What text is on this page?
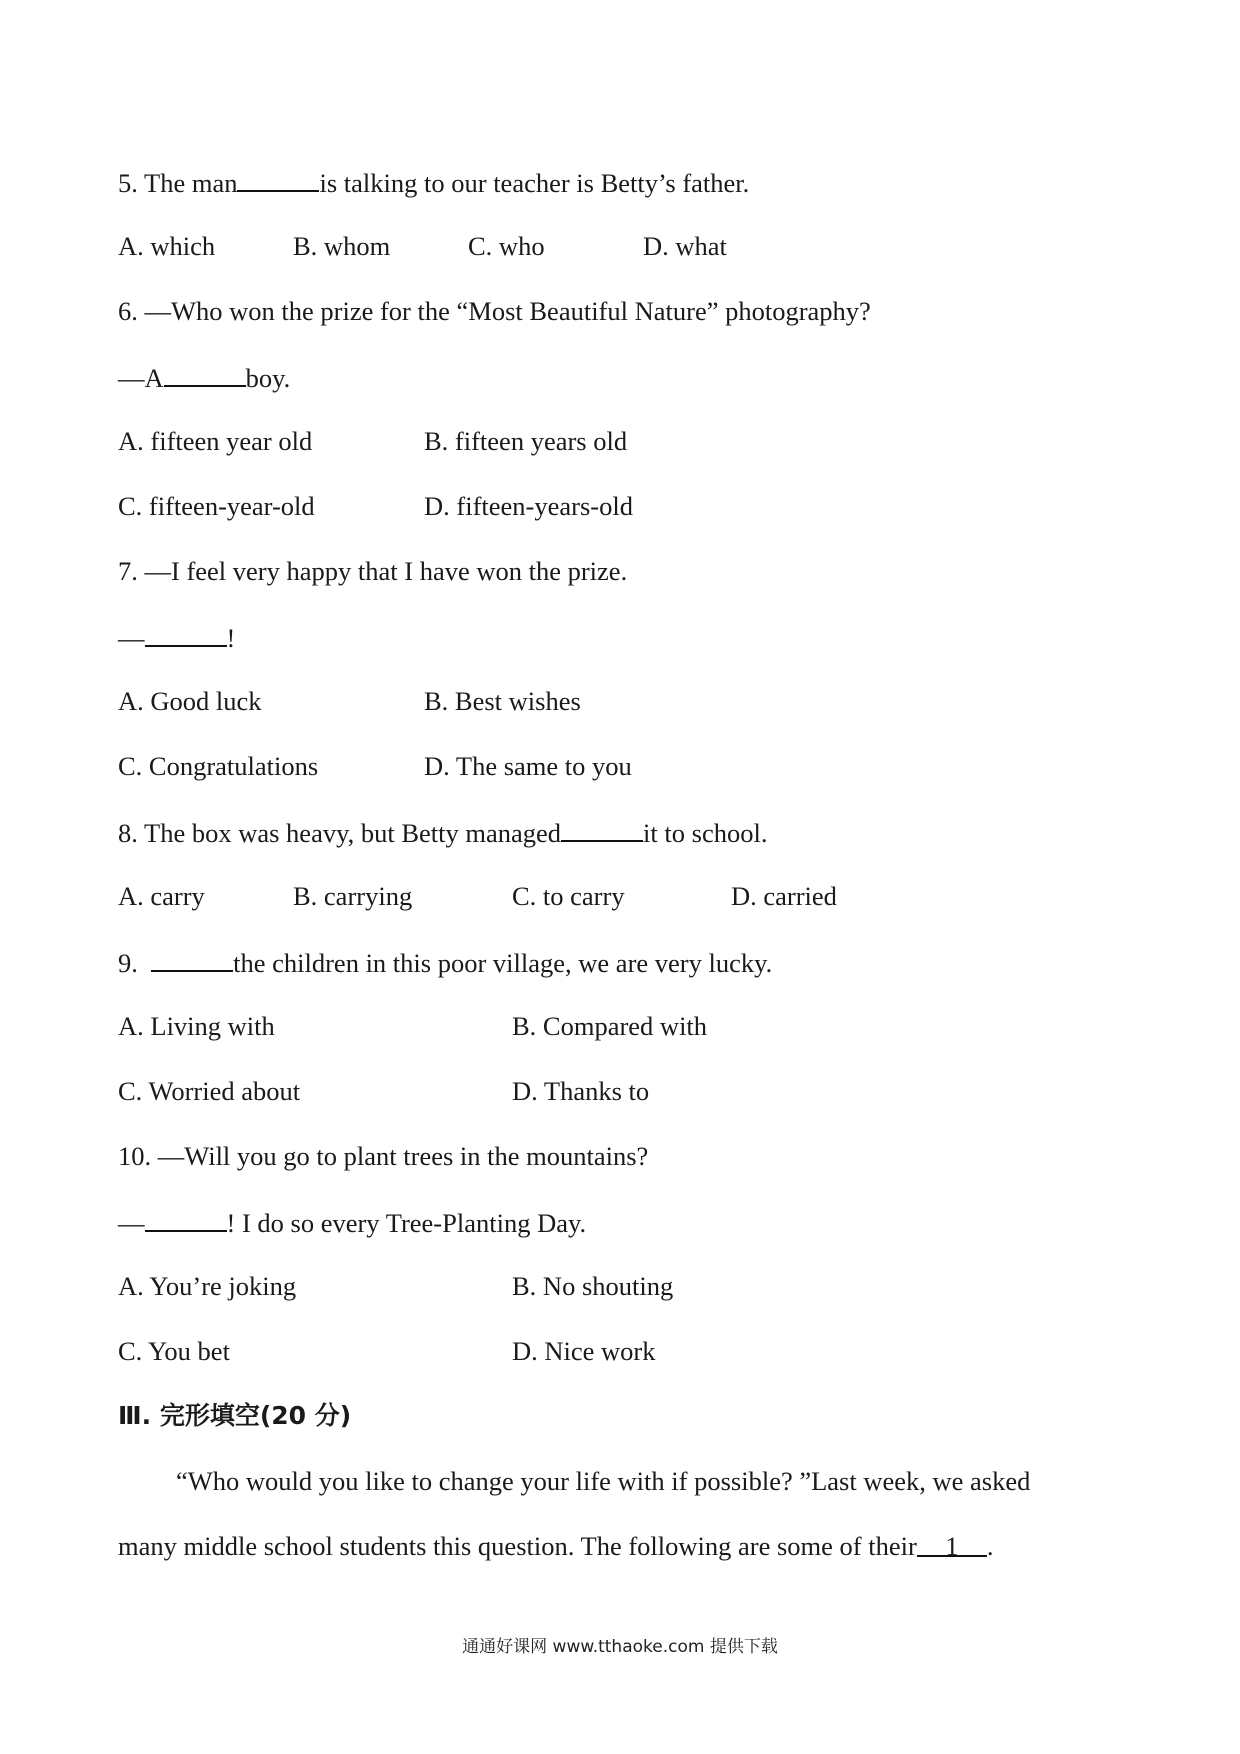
5. The man	is talking to our teacher is Betty’s father.
A. which	B. whom	C. who	D. what
6. —Who won the prize for the “Most Beautiful Nature” photography?
—A	boy.
A. fifteen year old	B. fifteen years old
C. fifteen-year-old	D. fifteen-years-old
7. —I feel very happy that I have won the prize.
—	!
A. Good luck	B. Best wishes
C. Congratulations	D. The same to you
8. The box was heavy, but Betty managed	it to school.
A. carry	B. carrying	C. to carry	D. carried
9.	the children in this poor village, we are very lucky.
A. Living with	B. Compared with
C. Worried about	D. Thanks to
10. —Will you go to plant trees in the mountains?
—	! I do so every Tree-Planting Day.
A. You’re joking	B. No shouting
C. You bet	D. Nice work
Ⅲ. 完形填空(20 分)
“Who would you like to change your life with if possible? ”Last week, we asked
many middle school students this question. The following are some of their 1 .
通通好课网 www.tthaoke.com 提供下载
